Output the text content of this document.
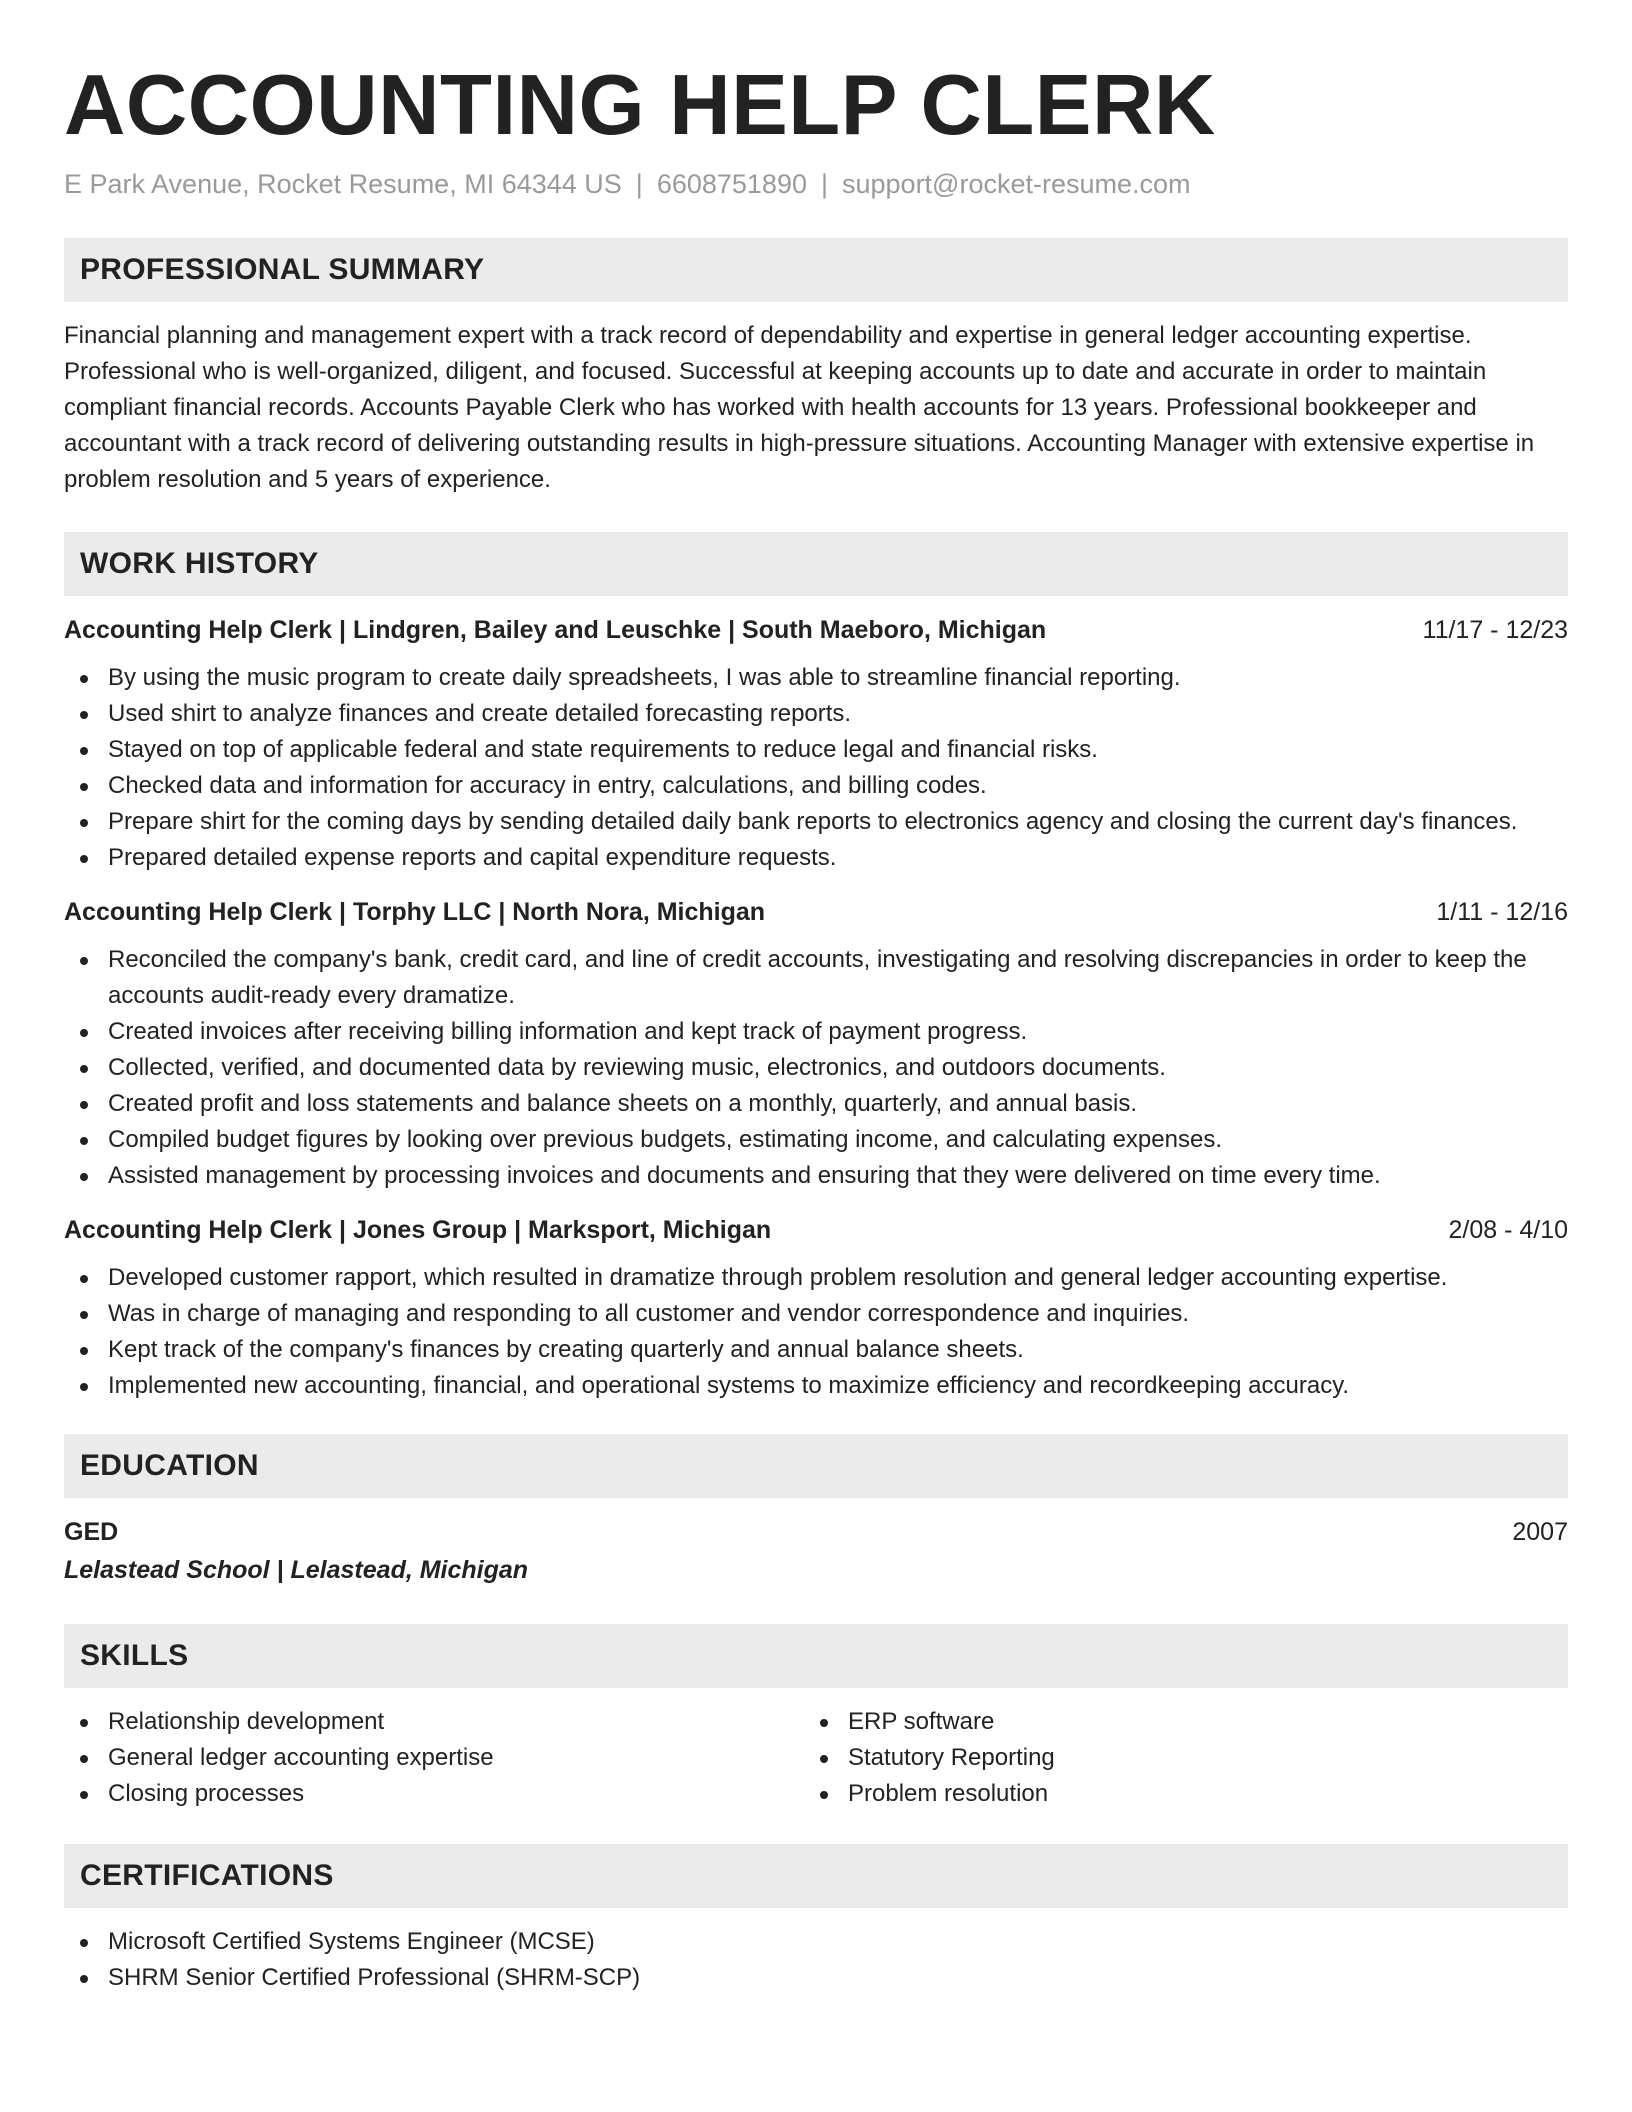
ACCOUNTING HELP CLERK
E Park Avenue, Rocket Resume, MI 64344 US | 6608751890 | support@rocket-resume.com
PROFESSIONAL SUMMARY

Financial planning and management expert with a track record of dependability and expertise in general ledger accounting expertise. Professional who is well-organized, diligent, and focused. Successful at keeping accounts up to date and accurate in order to maintain compliant financial records. Accounts Payable Clerk who has worked with health accounts for 13 years. Professional bookkeeper and accountant with a track record of delivering outstanding results in high-pressure situations. Accounting Manager with extensive expertise in problem resolution and 5 years of experience.

WORK HISTORY
Accounting Help Clerk | Lindgren, Bailey and Leuschke | South Maeboro, Michigan	11/17 - 12/23
By using the music program to create daily spreadsheets, I was able to streamline financial reporting.
Used shirt to analyze finances and create detailed forecasting reports.
Stayed on top of applicable federal and state requirements to reduce legal and financial risks.
Checked data and information for accuracy in entry, calculations, and billing codes.
Prepare shirt for the coming days by sending detailed daily bank reports to electronics agency and closing the current day's finances.
Prepared detailed expense reports and capital expenditure requests.
Accounting Help Clerk | Torphy LLC | North Nora, Michigan	1/11 - 12/16
Reconciled the company's bank, credit card, and line of credit accounts, investigating and resolving discrepancies in order to keep the accounts audit-ready every dramatize.
Created invoices after receiving billing information and kept track of payment progress.
Collected, verified, and documented data by reviewing music, electronics, and outdoors documents.
Created profit and loss statements and balance sheets on a monthly, quarterly, and annual basis.
Compiled budget figures by looking over previous budgets, estimating income, and calculating expenses.
Assisted management by processing invoices and documents and ensuring that they were delivered on time every time.
Accounting Help Clerk | Jones Group | Marksport, Michigan	2/08 - 4/10
Developed customer rapport, which resulted in dramatize through problem resolution and general ledger accounting expertise.
Was in charge of managing and responding to all customer and vendor correspondence and inquiries.
Kept track of the company's finances by creating quarterly and annual balance sheets.
Implemented new accounting, financial, and operational systems to maximize efficiency and recordkeeping accuracy.
EDUCATION
GED	2007
Lelastead School | Lelastead, Michigan
SKILLS
Relationship development
General ledger accounting expertise
Closing processes
ERP software
Statutory Reporting
Problem resolution
CERTIFICATIONS
Microsoft Certified Systems Engineer (MCSE)
SHRM Senior Certified Professional (SHRM-SCP)
